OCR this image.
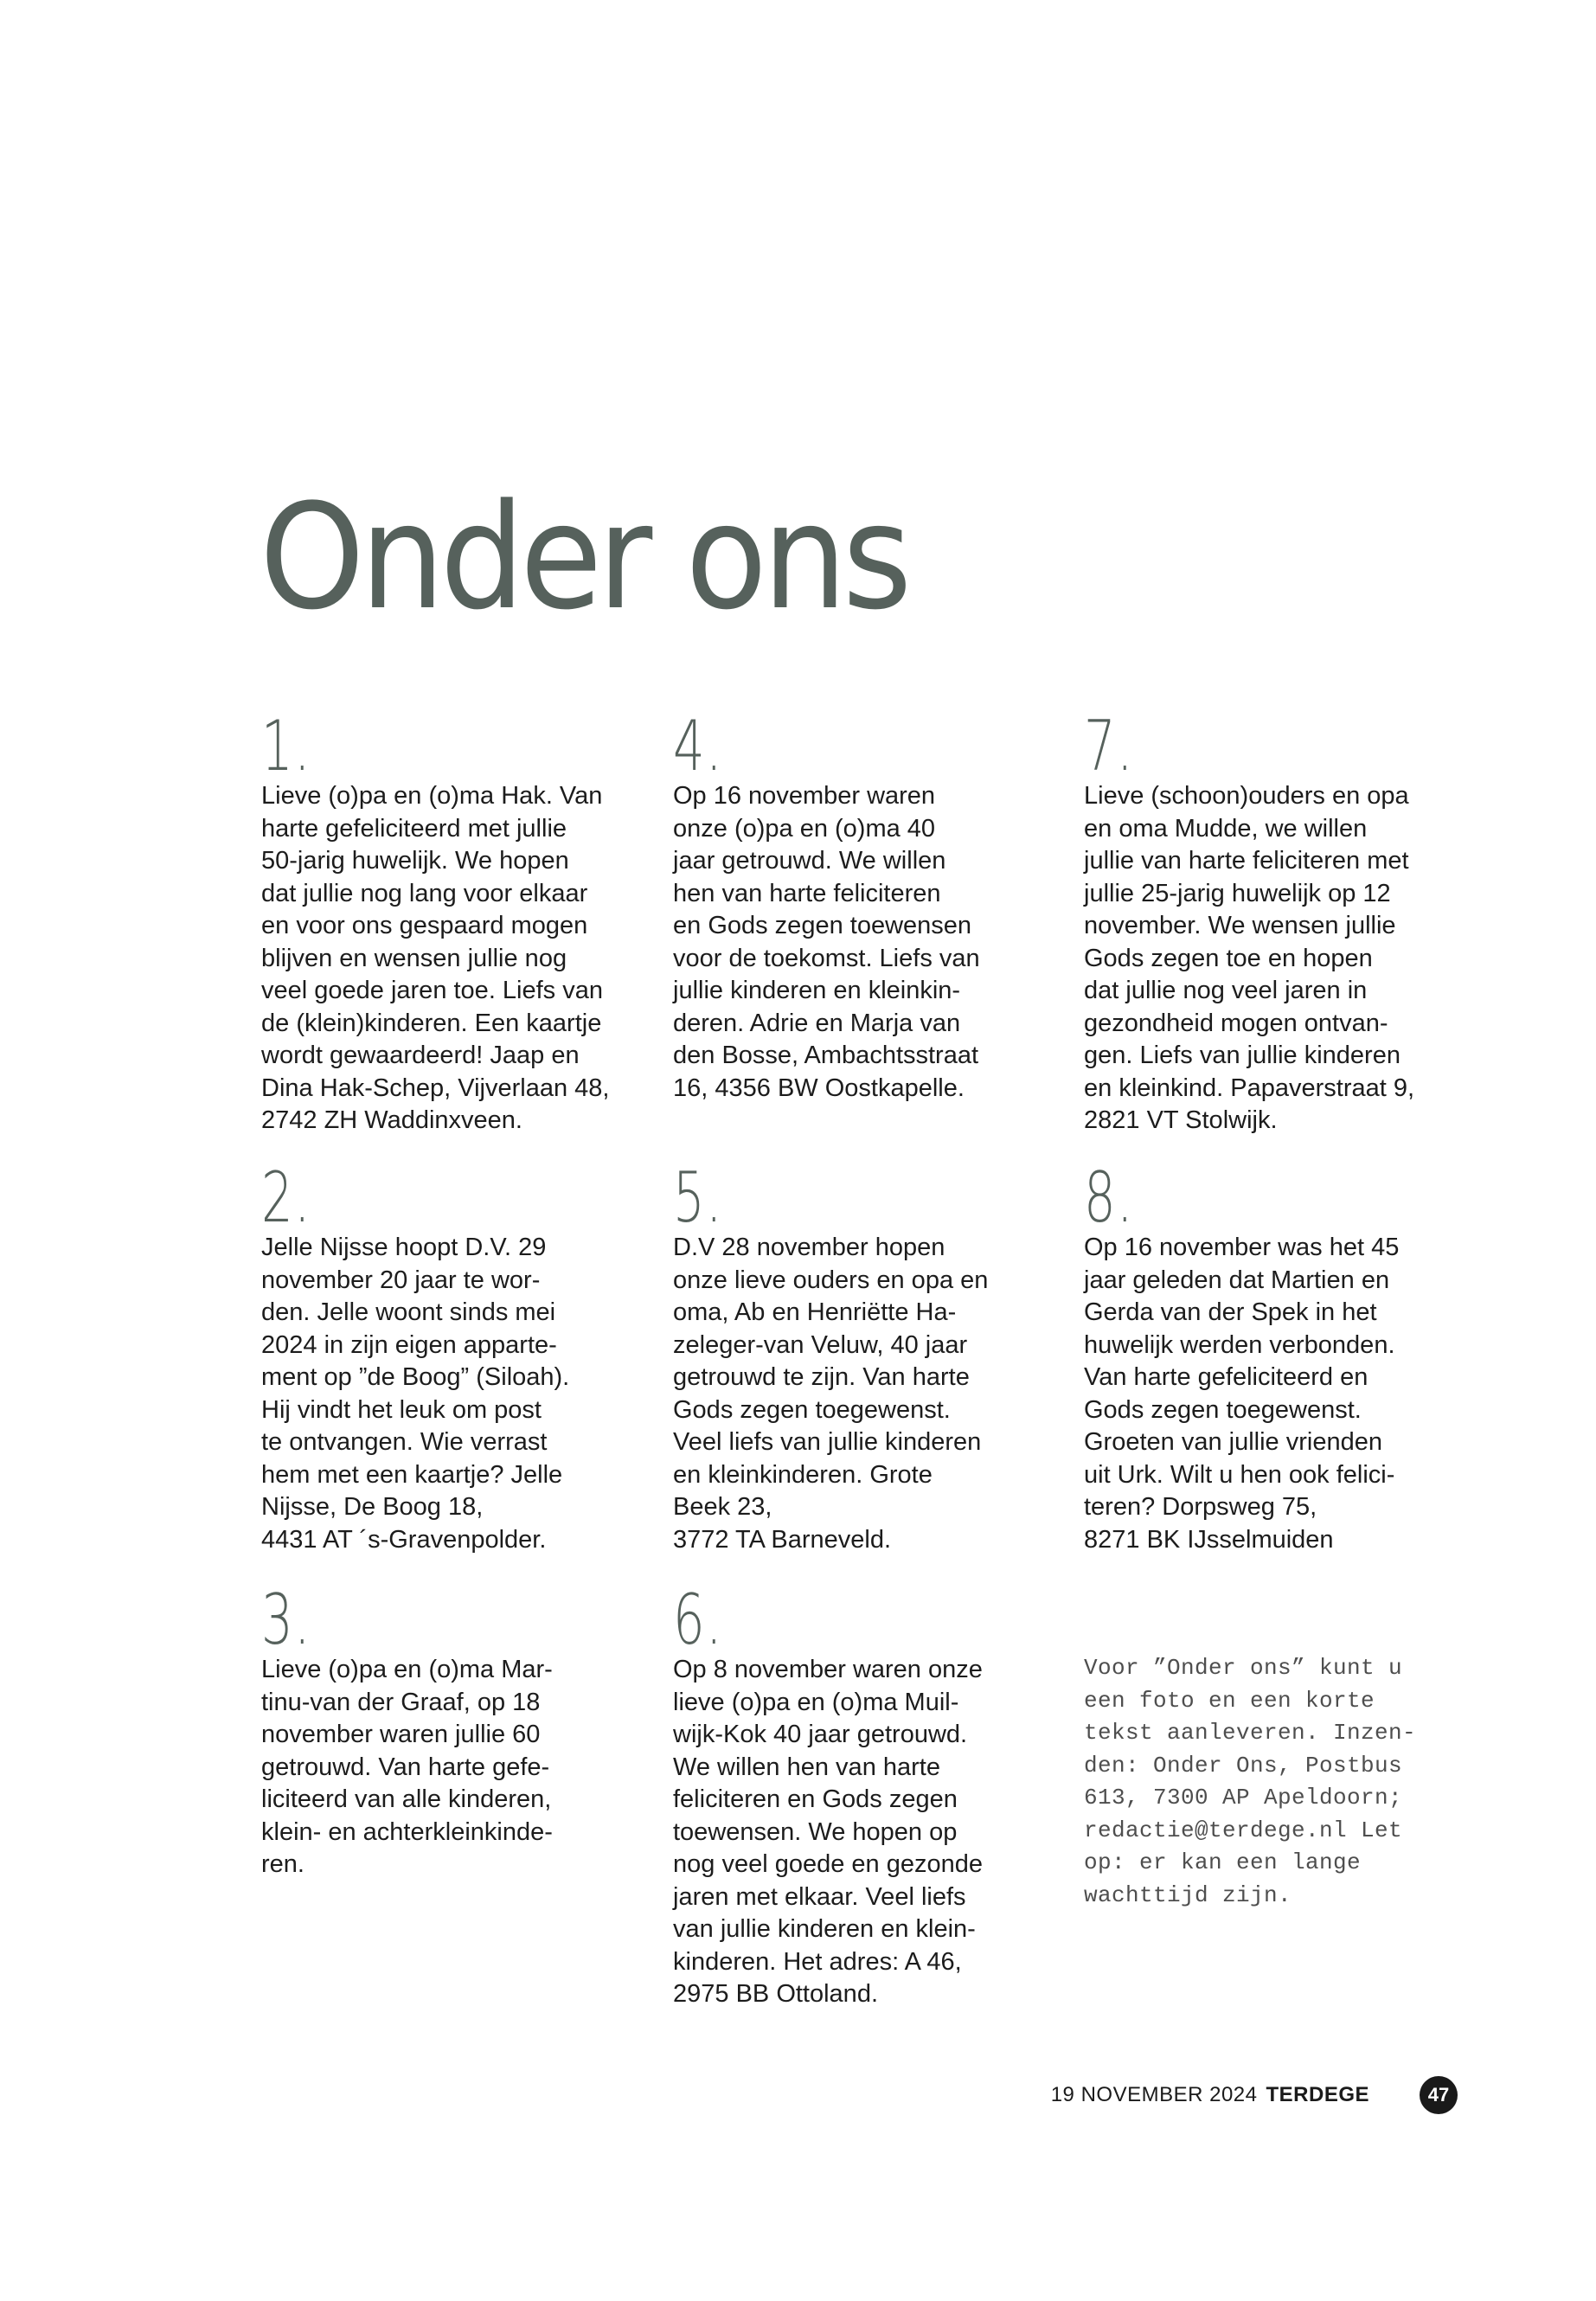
Onder ons
1.

Lieve (o)pa en (o)ma Hak. Van
harte gefeliciteerd met jullie
50-jarig huwelijk. We hopen
dat jullie nog lang voor elkaar
en voor ons gespaard mogen
blijven en wensen jullie nog
veel goede jaren toe. Liefs van
de (klein)kinderen. Een kaartje
wordt gewaardeerd! Jaap en
Dina Hak-Schep, Vijverlaan 48,
2742 ZH Waddinxveen.

2.

Jelle Nijsse hoopt D.V. 29
november 20 jaar te wor-
den. Jelle woont sinds mei
2024 in zijn eigen apparte-
ment op ”de Boog” (Siloah).
Hij vindt het leuk om post
te ontvangen. Wie verrast
hem met een kaartje? Jelle
Nijsse, De Boog 18,
4431 AT ´s-Gravenpolder.

3.

Lieve (o)pa en (o)ma Mar-
tinu-van der Graaf, op 18
november waren jullie 60
getrouwd. Van harte gefe-
liciteerd van alle kinderen,
klein- en achterkleinkinde-
ren.

4.

Op 16 november waren
onze (o)pa en (o)ma 40
jaar getrouwd. We willen
hen van harte feliciteren
en Gods zegen toewensen
voor de toekomst. Liefs van
jullie kinderen en kleinkin-
deren. Adrie en Marja van
den Bosse, Ambachtsstraat
16, 4356 BW Oostkapelle.

5.

D.V 28 november hopen
onze lieve ouders en opa en
oma, Ab en Henriëtte Ha-
zeleger-van Veluw, 40 jaar
getrouwd te zijn. Van harte
Gods zegen toegewenst.
Veel liefs van jullie kinderen
en kleinkinderen. Grote
Beek 23,
3772 TA Barneveld.

6.

Op 8 november waren onze
lieve (o)pa en (o)ma Muil-
wijk-Kok 40 jaar getrouwd.
We willen hen van harte
feliciteren en Gods zegen
toewensen. We hopen op
nog veel goede en gezonde
jaren met elkaar. Veel liefs
van jullie kinderen en klein-
kinderen. Het adres: A 46,
2975 BB Ottoland.

7.

Lieve (schoon)ouders en opa
en oma Mudde, we willen
jullie van harte feliciteren met
jullie 25-jarig huwelijk op 12
november. We wensen jullie
Gods zegen toe en hopen
dat jullie nog veel jaren in
gezondheid mogen ontvan-
gen. Liefs van jullie kinderen
en kleinkind. Papaverstraat 9,
2821 VT Stolwijk.

8.

Op 16 november was het 45
jaar geleden dat Martien en
Gerda van der Spek in het
huwelijk werden verbonden.
Van harte gefeliciteerd en
Gods zegen toegewenst.
Groeten van jullie vrienden
uit Urk. Wilt u hen ook felici-
teren? Dorpsweg 75,
8271 BK IJsselmuiden

Voor ”Onder ons” kunt u
een foto en een korte
tekst aanleveren. Inzen-
den: Onder Ons, Postbus
613, 7300 AP Apeldoorn;
redactie@terdege.nl Let
op: er kan een lange
wachttijd zijn.

19 NOVEMBER 2024 TERDEGE	47
